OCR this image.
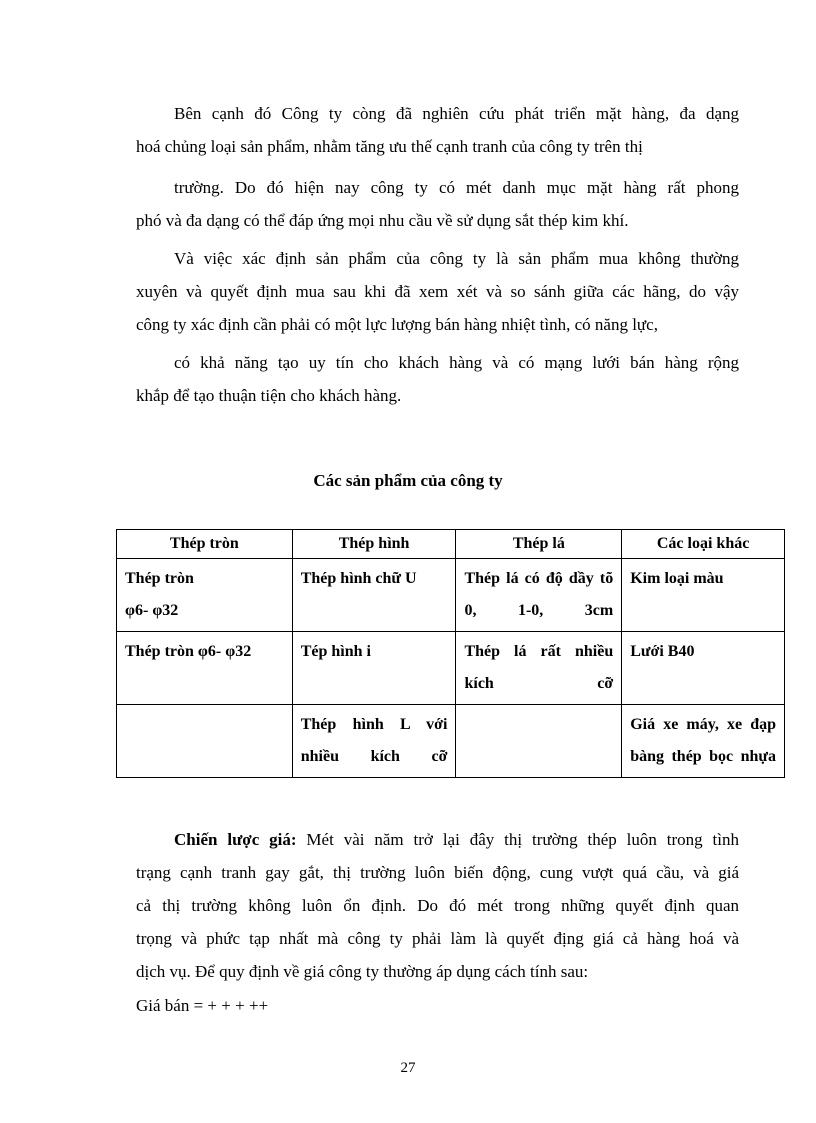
Bên cạnh đó Công ty còng đã nghiên cứu phát triển mặt hàng, đa dạng
hoá chủng loại sản phẩm, nhằm tăng ưu thế cạnh tranh của công ty trên thị
trường. Do đó hiện nay công ty có mét danh mục mặt hàng rất phong
phó và đa dạng có thể đáp ứng mọi nhu cầu về sử dụng sắt thép kim khí.
Và việc xác định sản phẩm của công ty là sản phẩm mua không thường
xuyên và quyết định mua sau khi đã xem xét và so sánh giữa các hãng, do vậy
công ty xác định cần phải có một lực lượng bán hàng nhiệt tình, có năng lực,
có khả năng tạo uy tín cho khách hàng và có mạng lưới bán hàng rộng
khắp để tạo thuận tiện cho khách hàng.

Các sản phẩm của công ty

Thép tròn	Thép hình	Thép lá	Các loại khác
Thép tròn
φ6- φ32	Thép hình chữ U	Thép lá có độ dầy tõ 0, 1-0, 3cm	Kim loại màu
Thép tròn φ6- φ32	Tép hình i	Thép lá rất nhiều kích cỡ	Lưới B40
	Thép hình L với nhiều kích cỡ		Giá xe máy, xe đạp bàng thép bọc nhựa
Chiến lược giá: Mét vài năm trở lại đây thị trường thép luôn trong tình
trạng cạnh tranh gay gắt, thị trường luôn biến động, cung vượt quá cầu, và giá
cả thị trường không luôn ổn định. Do đó mét trong những quyết định quan
trọng và phức tạp nhất mà công ty phải làm là quyết địng giá cả hàng hoá và
dịch vụ. Để quy định về giá công ty thường áp dụng cách tính sau:

Giá bán = + + + ++

27
